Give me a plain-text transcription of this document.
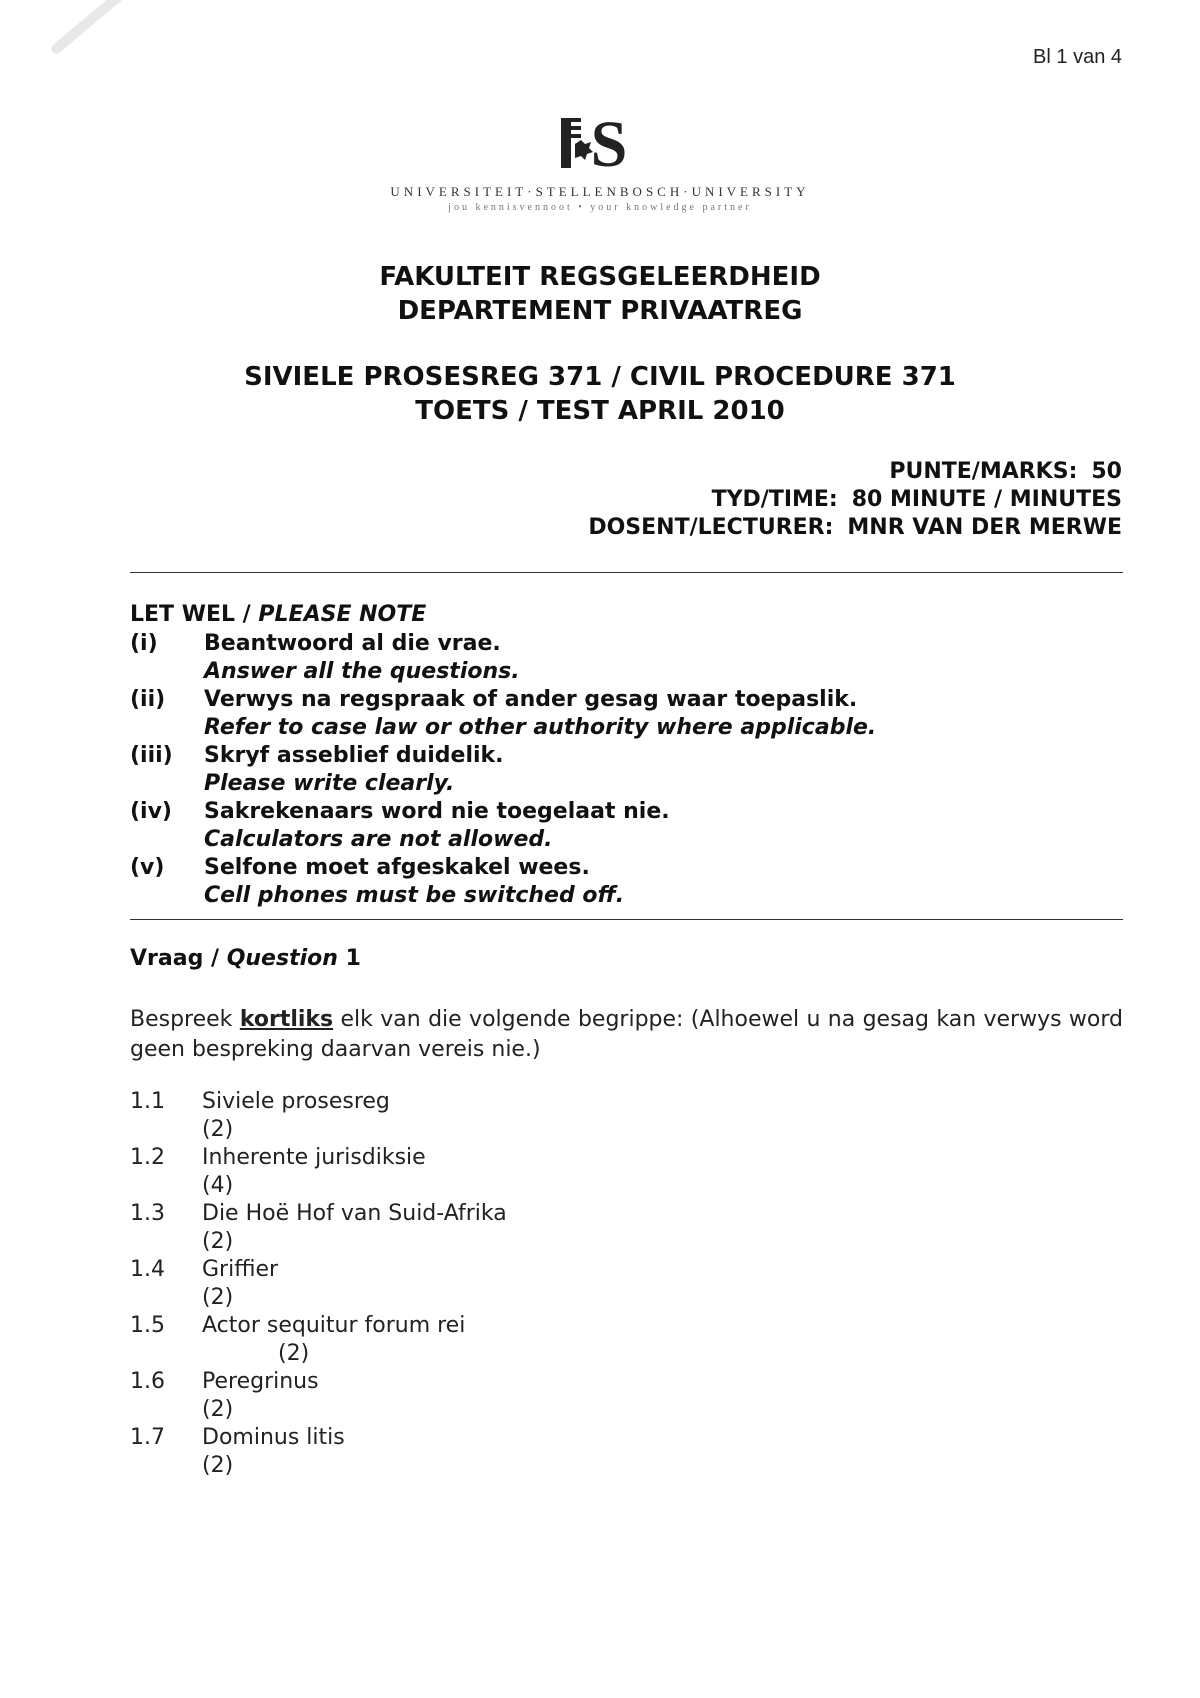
Bl 1 van 4
S
UNIVERSITEIT·STELLENBOSCH·UNIVERSITY
jou kennisvennoot • your knowledge partner
FAKULTEIT REGSGELEERDHEID
DEPARTEMENT PRIVAATREG
SIVIELE PROSESREG 371 / CIVIL PROCEDURE 371
TOETS / TEST APRIL 2010
PUNTE/MARKS: 50
TYD/TIME: 80 MINUTE / MINUTES
DOSENT/LECTURER: MNR VAN DER MERWE
LET WEL / PLEASE NOTE
(i)	Beantwoord al die vrae.
Answer all the questions.
(ii)	Verwys na regspraak of ander gesag waar toepaslik.
Refer to case law or other authority where applicable.
(iii)	Skryf asseblief duidelik.
Please write clearly.
(iv)	Sakrekenaars word nie toegelaat nie.
Calculators are not allowed.
(v)	Selfone moet afgeskakel wees.
Cell phones must be switched off.
Vraag / Question 1
Bespreek kortliks elk van die volgende begrippe: (Alhoewel u na gesag kan verwys word geen bespreking daarvan vereis nie.)
1.1	Siviele prosesreg
(2)
1.2	Inherente jurisdiksie
(4)
1.3	Die Hoë Hof van Suid-Afrika
(2)
1.4	Griffier
(2)
1.5	Actor sequitur forum rei
(2)
1.6	Peregrinus
(2)
1.7	Dominus litis
(2)
